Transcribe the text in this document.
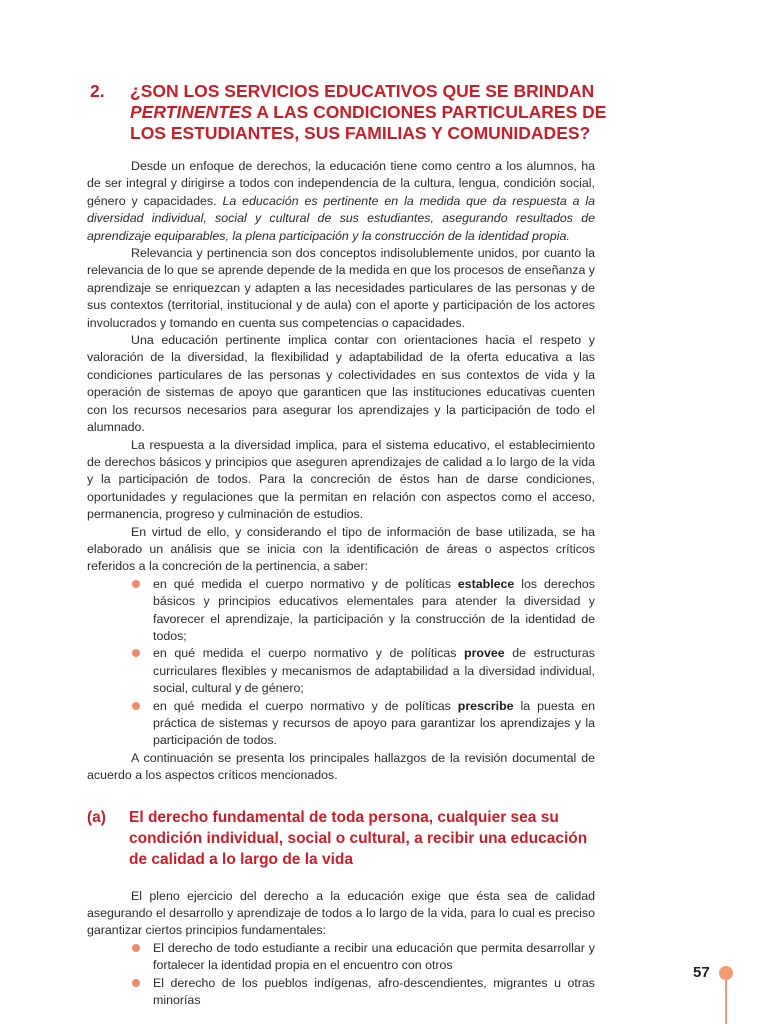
2. ¿SON LOS SERVICIOS EDUCATIVOS QUE SE BRINDAN
PERTINENTES A LAS CONDICIONES PARTICULARES DE LOS ESTUDIANTES, SUS FAMILIAS Y COMUNIDADES?

Desde un enfoque de derechos, la educación tiene como centro a los alumnos, ha de ser integral y dirigirse a todos con independencia de la cultura, lengua, condición social, género y capacidades. La educación es pertinente en la medida que da respuesta a la diversidad individual, social y cultural de sus estudiantes, asegurando resultados de aprendizaje equiparables, la plena participación y la construcción de la identidad propia.

Relevancia y pertinencia son dos conceptos indisolublemente unidos, por cuanto la relevancia de lo que se aprende depende de la medida en que los procesos de enseñanza y aprendizaje se enriquezcan y adapten a las necesidades particulares de las personas y de sus contextos (territorial, institucional y de aula) con el aporte y participación de los actores involucrados y tomando en cuenta sus competencias o capacidades.

Una educación pertinente implica contar con orientaciones hacia el respeto y valoración de la diversidad, la flexibilidad y adaptabilidad de la oferta educativa a las condiciones particulares de las personas y colectividades en sus contextos de vida y la operación de sistemas de apoyo que garanticen que las instituciones educativas cuenten con los recursos necesarios para asegurar los aprendizajes y la participación de todo el alumnado.

La respuesta a la diversidad implica, para el sistema educativo, el establecimiento de derechos básicos y principios que aseguren aprendizajes de calidad a lo largo de la vida y la participación de todos. Para la concreción de éstos han de darse condiciones, oportunidades y regulaciones que la permitan en relación con aspectos como el acceso, permanencia, progreso y culminación de estudios.

En virtud de ello, y considerando el tipo de información de base utilizada, se ha elaborado un análisis que se inicia con la identificación de áreas o aspectos críticos referidos a la concreción de la pertinencia, a saber:

en qué medida el cuerpo normativo y de políticas establece los derechos básicos y principios educativos elementales para atender la diversidad y favorecer el aprendizaje, la participación y la construcción de la identidad de todos;
en qué medida el cuerpo normativo y de políticas provee de estructuras curriculares flexibles y mecanismos de adaptabilidad a la diversidad individual, social, cultural y de género;
en qué medida el cuerpo normativo y de políticas prescribe la puesta en práctica de sistemas y recursos de apoyo para garantizar los aprendizajes y la participación de todos.

A continuación se presenta los principales hallazgos de la revisión documental de acuerdo a los aspectos críticos mencionados.

(a) El derecho fundamental de toda persona, cualquier sea su condición individual, social o cultural, a recibir una educación de calidad a lo largo de la vida

El pleno ejercicio del derecho a la educación exige que ésta sea de calidad asegurando el desarrollo y aprendizaje de todos a lo largo de la vida, para lo cual es preciso garantizar ciertos principios fundamentales:

El derecho de todo estudiante a recibir una educación que permita desarrollar y fortalecer la identidad propia en el encuentro con otros
El derecho de los pueblos indígenas, afro-descendientes, migrantes u otras minorías
57
